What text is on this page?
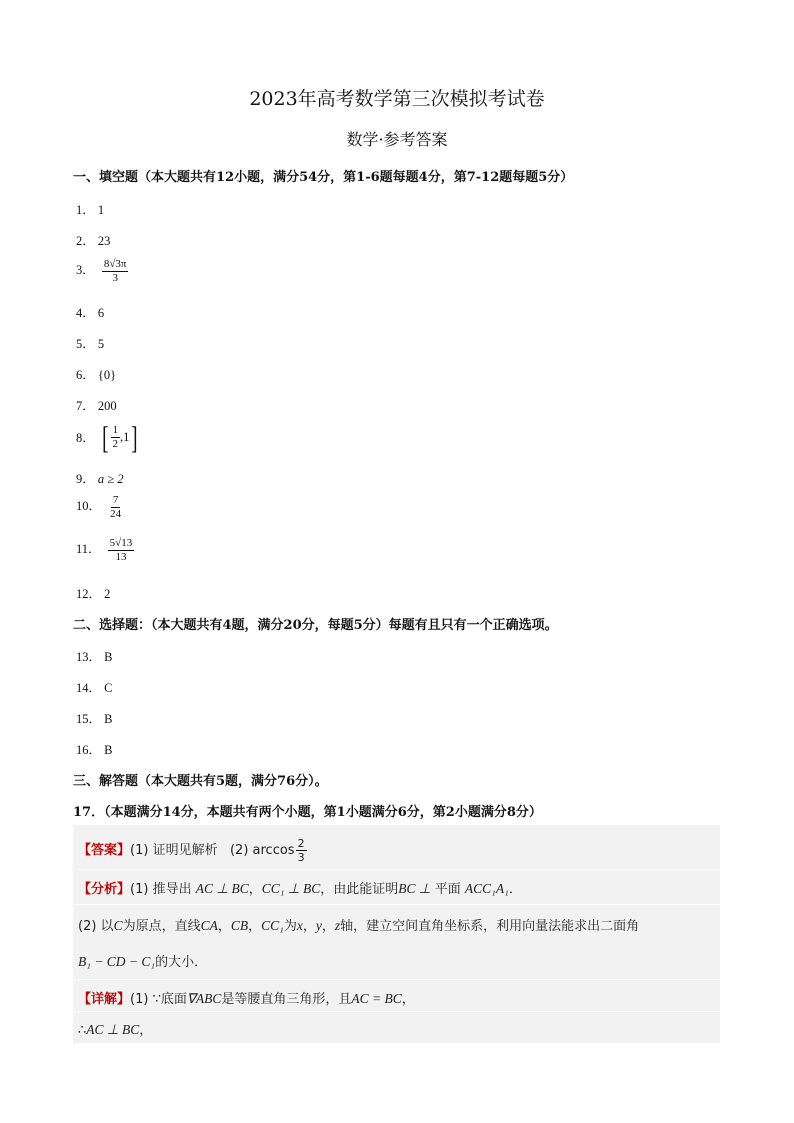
2023年高考数学第三次模拟考试卷
数学·参考答案
一、填空题（本大题共有12小题，满分54分，第1-6题每题4分，第7-12题每题5分）
1． 1
2． 23
3． $\frac{8√3\pi}{3}$
4． 6
5． 5
6． {0}
7． 200
8． [ $\frac{1}{2} ,1$ ]
9． a ≥ 2
10． $\frac{7}{24}$
11． $\frac{5√13}{13}$
12． 2
二、选择题：（本大题共有4题，满分20分，每题5分）每题有且只有一个正确选项。
13． B
14． C
15． B
16． B
三、解答题（本大题共有5题，满分76分）。
17．（本题满分14分，本题共有两个小题，第1小题满分6分，第2小题满分8分）
【答案】(1) 证明见解析 (2) $\arccos \frac{2}{3}$
【分析】(1) 推导出 AC ⊥ BC，CC₁ ⊥ BC，由此能证明BC ⊥ 平面 ACC₁A₁．
(2) 以C为原点，直线CA，CB，CC₁为x，y，z轴，建立空间直角坐标系，利用向量法能求出二面角
B₁ − CD − C₁的大小．
【详解】(1) ∵底面∇ABC是等腰直角三角形，且AC = BC，
∴AC ⊥ BC，
